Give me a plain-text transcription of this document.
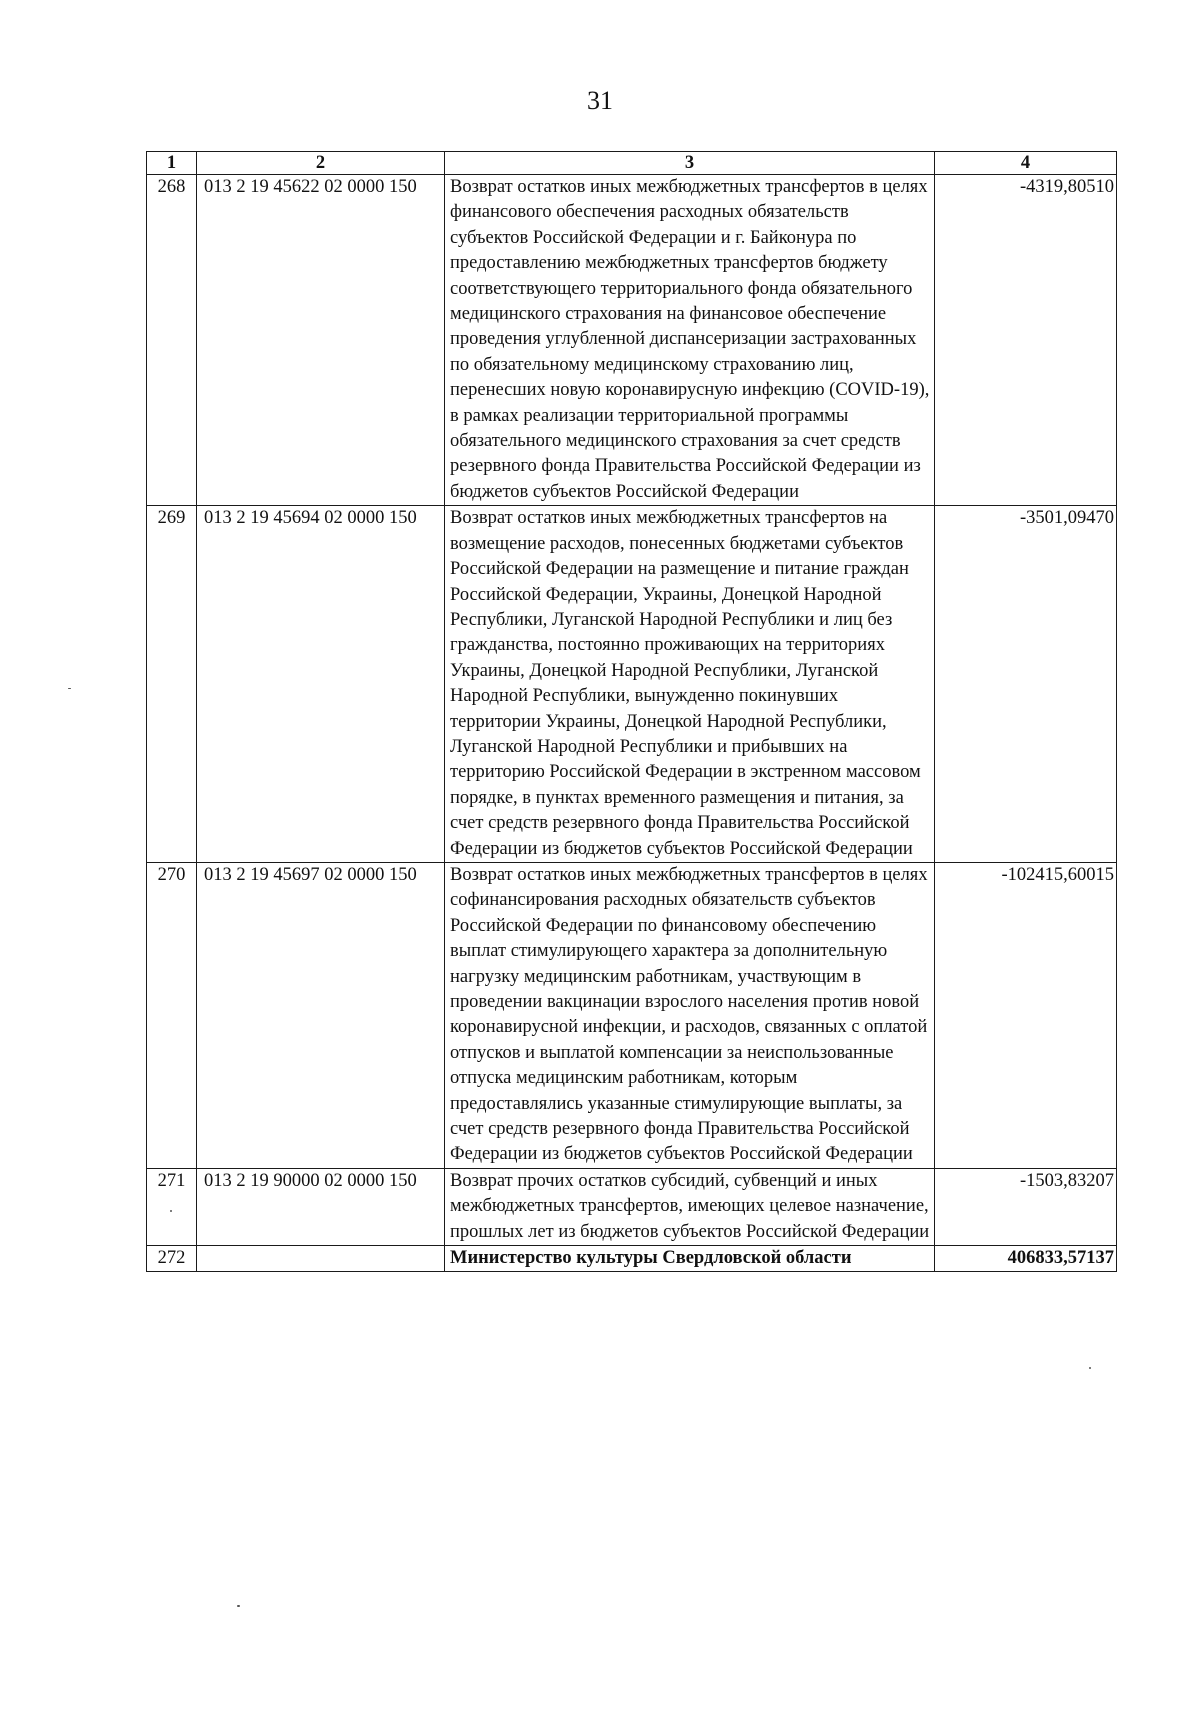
31
1	2	3	4
268	013 2 19 45622 02 0000 150	Возврат остатков иных межбюджетных трансфертов в целях финансового обеспечения расходных обязательств субъектов Российской Федерации и г. Байконура по предоставлению межбюджетных трансфертов бюджету соответствующего территориального фонда обязательного медицинского страхования на финансовое обеспечение проведения углубленной диспансеризации застрахованных по обязательному медицинскому страхованию лиц, перенесших новую коронавирусную инфекцию (COVID-19), в рамках реализации территориальной программы обязательного медицинского страхования за счет средств резервного фонда Правительства Российской Федерации из бюджетов субъектов Российской Федерации	-4319,80510
269	013 2 19 45694 02 0000 150	Возврат остатков иных межбюджетных трансфертов на возмещение расходов, понесенных бюджетами субъектов Российской Федерации на размещение и питание граждан Российской Федерации, Украины, Донецкой Народной Республики, Луганской Народной Республики и лиц без гражданства, постоянно проживающих на территориях Украины, Донецкой Народной Республики, Луганской Народной Республики, вынужденно покинувших территории Украины, Донецкой Народной Республики, Луганской Народной Республики и прибывших на территорию Российской Федерации в экстренном массовом порядке, в пунктах временного размещения и питания, за счет средств резервного фонда Правительства Российской Федерации из бюджетов субъектов Российской Федерации	-3501,09470
270	013 2 19 45697 02 0000 150	Возврат остатков иных межбюджетных трансфертов в целях софинансирования расходных обязательств субъектов Российской Федерации по финансовому обеспечению выплат стимулирующего характера за дополнительную нагрузку медицинским работникам, участвующим в проведении вакцинации взрослого населения против новой коронавирусной инфекции, и расходов, связанных с оплатой отпусков и выплатой компенсации за неиспользованные отпуска медицинским работникам, которым предоставлялись указанные стимулирующие выплаты, за счет средств резервного фонда Правительства Российской Федерации из бюджетов субъектов Российской Федерации	-102415,60015
271	013 2 19 90000 02 0000 150	Возврат прочих остатков субсидий, субвенций и иных межбюджетных трансфертов, имеющих целевое назначение, прошлых лет из бюджетов субъектов Российской Федерации	-1503,83207
272		Министерство культуры Свердловской области	406833,57137
